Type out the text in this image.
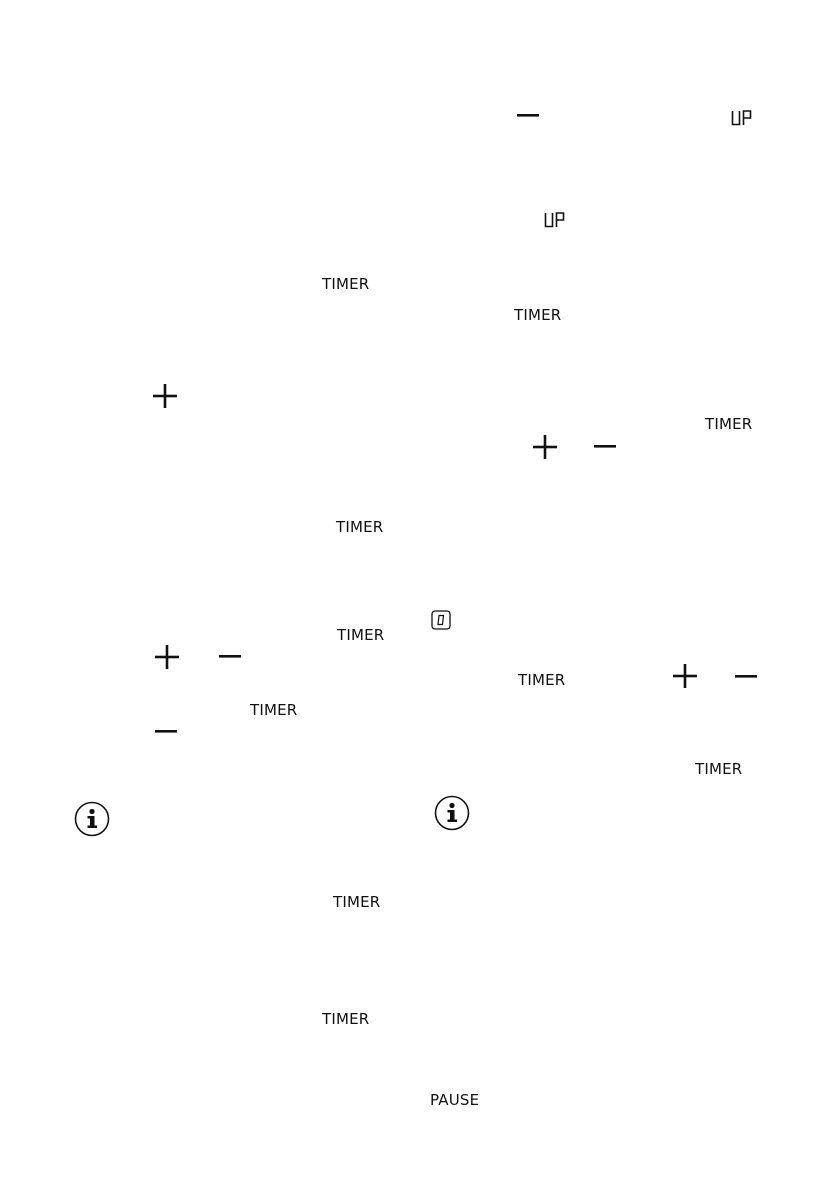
TIMER
TIMER
TIMER
TIMER
TIMER
TIMER
TIMER
TIMER
TIMER
TIMER
PAUSE
